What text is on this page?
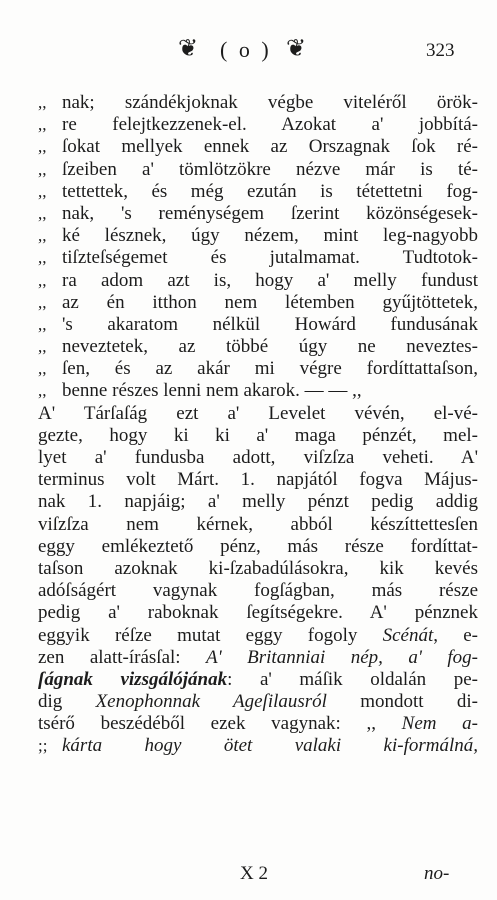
❦ ( o ) ❦	323
,, nak; szándékjoknak végbe viteléről örök-
,, re felejtkezzenek-el. Azokat a' jobbítá-
,, ſokat mellyek ennek az Orszagnak ſok ré-
,, ſzeiben a' tömlötzökre nézve már is té-
,, tettettek, és még ezután is tétettetni fog-
,, nak, 's reménységem ſzerint közönségesek-
,, ké lésznek, úgy nézem, mint leg-nagyobb
,, tiſzteſségemet és jutalmamat. Tudtotok-
,, ra adom azt is, hogy a' melly fundust
,, az én itthon nem létemben gyűjtöttetek,
,, 's akaratom nélkül Howárd fundusának
,, neveztetek, az többé úgy ne neveztes-
,, ſen, és az akár mi végre fordíttattaſson,
,, benne részes lenni nem akarok. — — ,,
A' Tárſaſág ezt a' Levelet vévén, el-vé-
gezte, hogy ki ki a' maga pénzét, mel-
lyet a' fundusba adott, viſzſza veheti. A'
terminus volt Márt. 1. napjától fogva Május-
nak 1. napjáig; a' melly pénzt pedig addig
viſzſza nem kérnek, abból készíttettesſen
eggy emlékeztető pénz, más része fordíttat-
taſson azoknak ki-ſzabadúlásokra, kik kevés
adóſságért vagynak fogſágban, más része
pedig a' raboknak ſegítségekre. A' pénznek
eggyik réſze mutat eggy fogoly Scénát, e-
zen alatt-írásſal: A' Britanniai nép, a' fog-
ſágnak vizsgálójának: a' máſik oldalán pe-
dig Xenophonnak Ageſilausról mondott di-
tsérő beszédéből ezek vagynak: ,, Nem a-
;; kárta hogy ötet valaki ki-formálná,
X 2	no-
